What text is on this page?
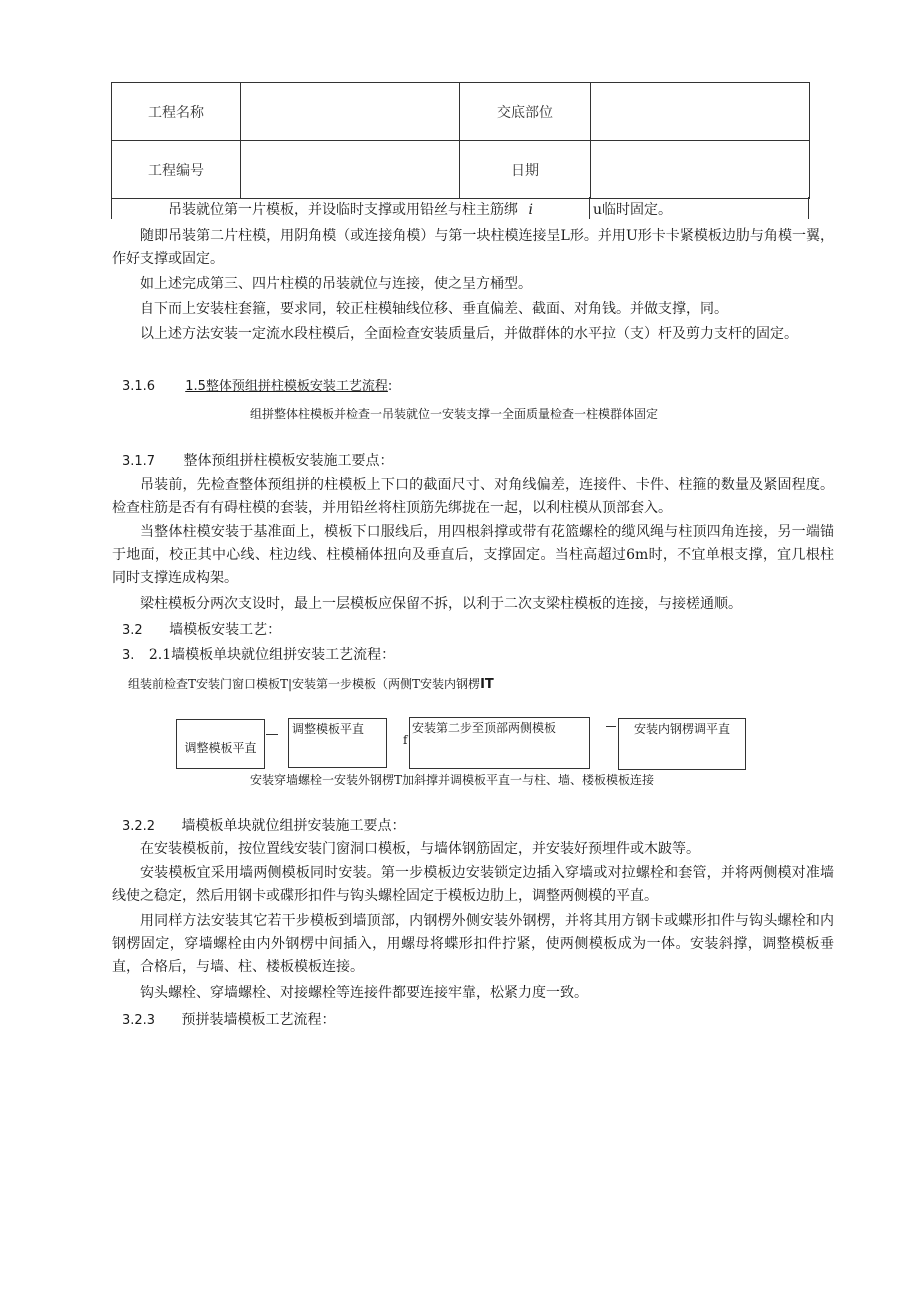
工程名称		交底部位	
工程编号		日期	
吊装就位第一片模板，并设临时支撑或用铅丝与柱主筋绑 i	u临时固定。
随即吊装第二片柱模，用阴角模（或连接角模）与第一块柱模连接呈L形。并用U形卡卡紧模板边肋与角模一翼，作好支撑或固定。
如上述完成第三、四片柱模的吊装就位与连接，使之呈方桶型。
自下而上安装柱套箍，要求同，较正柱模轴线位移、垂直偏差、截面、对角钱。并做支撑，同。
以上述方法安装一定流水段柱模后，全面检查安装质量后，并做群体的水平拉（支）杆及剪力支杆的固定。
3.1.6 1.5整体预组拼柱模板安装工艺流程:
组拼整体柱模板并检查一吊装就位一安装支撑一全面质量检查一柱模群体固定
3.1.7 整体预组拼柱模板安装施工要点：
吊装前，先检查整体预组拼的柱模板上下口的截面尺寸、对角线偏差，连接件、卡件、柱箍的数量及紧固程度。检查柱筋是否有有碍柱模的套装，并用铅丝将柱顶筋先绑拢在一起，以利柱模从顶部套入。
当整体柱模安装于基准面上，模板下口服线后，用四根斜撑或带有花篮螺栓的缆风绳与柱顶四角连接，另一端锚于地面，校正其中心线、柱边线、柱模桶体扭向及垂直后，支撑固定。当柱高超过6m时，不宜单根支撑，宜几根柱同时支撑连成构架。
梁柱模板分两次支设时，最上一层模板应保留不拆，以利于二次支梁柱模板的连接，与接槎通顺。
3.2 墙模板安装工艺：
3. 2.1墙模板单块就位组拼安装工艺流程：
组装前检查T安装门窗口模板T|安装第一步模板（两侧T安装内钢楞IT
调整模板平直
调整模板平直
f
安装第二步至顶部两侧模板	安装内钢楞调平直
安装穿墙螺栓一安装外钢楞T加斜撑并调模板平直一与柱、墙、楼板模板连接
3.2.2 墙模板单块就位组拼安装施工要点：
在安装模板前，按位置线安装门窗洞口模板，与墙体钢筋固定，并安装好预埋件或木跛等。
安装模板宜采用墙两侧模板同时安装。第一步模板边安装锁定边插入穿墙或对拉螺栓和套管，并将两侧模对准墙线使之稳定，然后用钢卡或碟形扣件与钩头螺栓固定于模板边肋上，调整两侧模的平直。
用同样方法安装其它若干步模板到墙顶部，内钢楞外侧安装外钢楞，并将其用方钢卡或蝶形扣件与钩头螺栓和内钢楞固定，穿墙螺栓由内外钢楞中间插入，用螺母将蝶形扣件拧紧，使两侧模板成为一体。安装斜撑，调整模板垂直，合格后，与墙、柱、楼板模板连接。
钩头螺栓、穿墙螺栓、对接螺栓等连接件都要连接牢靠，松紧力度一致。
3.2.3 预拼装墙模板工艺流程：
